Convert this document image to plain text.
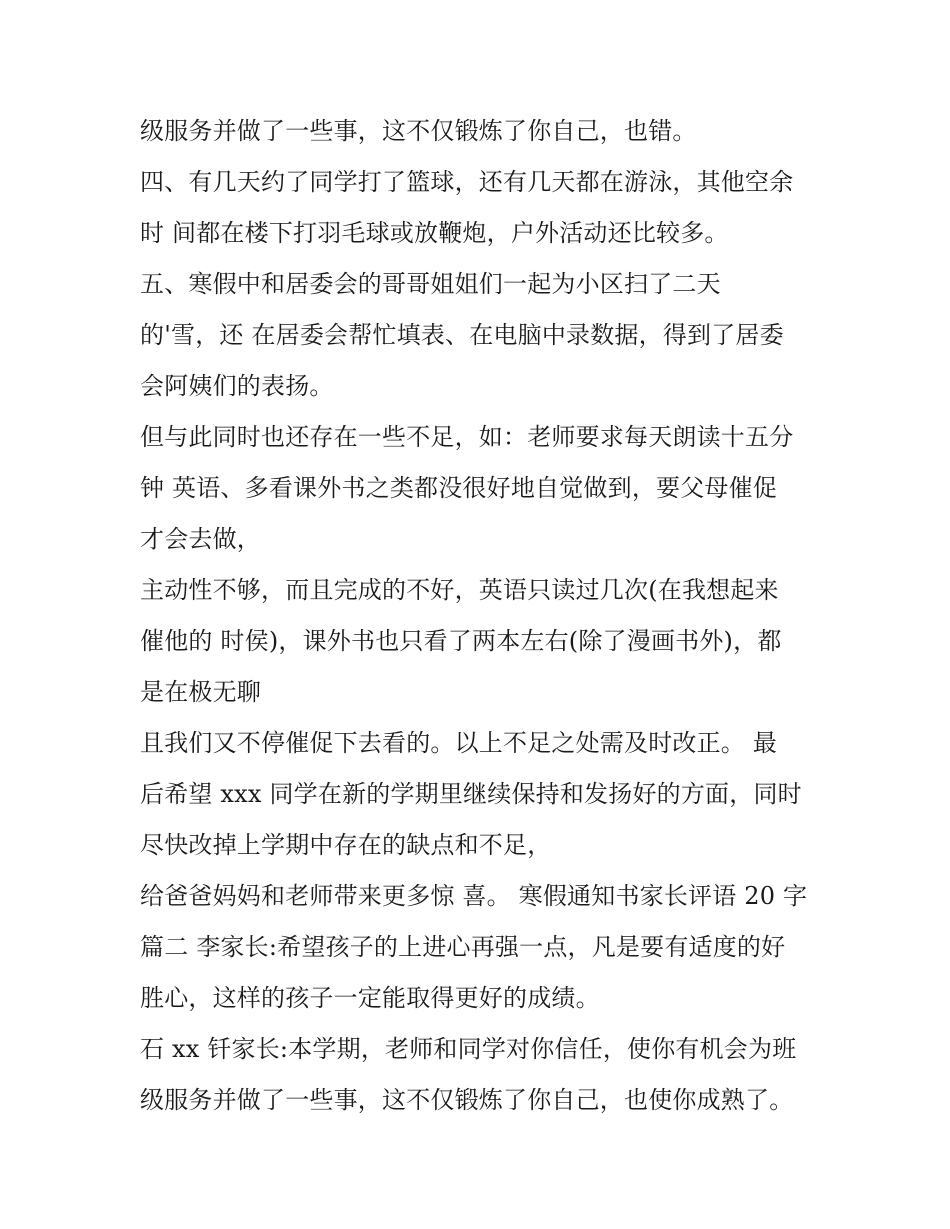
级服务并做了一些事，这不仅锻炼了你自己，也错。
四、有几天约了同学打了篮球，还有几天都在游泳，其他空余
时 间都在楼下打羽毛球或放鞭炮，户外活动还比较多。
五、寒假中和居委会的哥哥姐姐们一起为小区扫了二天
的'雪，还 在居委会帮忙填表、在电脑中录数据，得到了居委
会阿姨们的表扬。
但与此同时也还存在一些不足，如：老师要求每天朗读十五分
钟 英语、多看课外书之类都没很好地自觉做到，要父母催促
才会去做，
主动性不够，而且完成的不好，英语只读过几次(在我想起来
催他的 时侯)，课外书也只看了两本左右(除了漫画书外)，都
是在极无聊
且我们又不停催促下去看的。以上不足之处需及时改正。 最
后希望 xxx 同学在新的学期里继续保持和发扬好的方面，同时
尽快改掉上学期中存在的缺点和不足，
给爸爸妈妈和老师带来更多惊 喜。 寒假通知书家长评语 20 字
篇二 李家长:希望孩子的上进心再强一点，凡是要有适度的好
胜心，这样的孩子一定能取得更好的成绩。
石 xx 钎家长:本学期，老师和同学对你信任，使你有机会为班
级服务并做了一些事，这不仅锻炼了你自己，也使你成熟了。
